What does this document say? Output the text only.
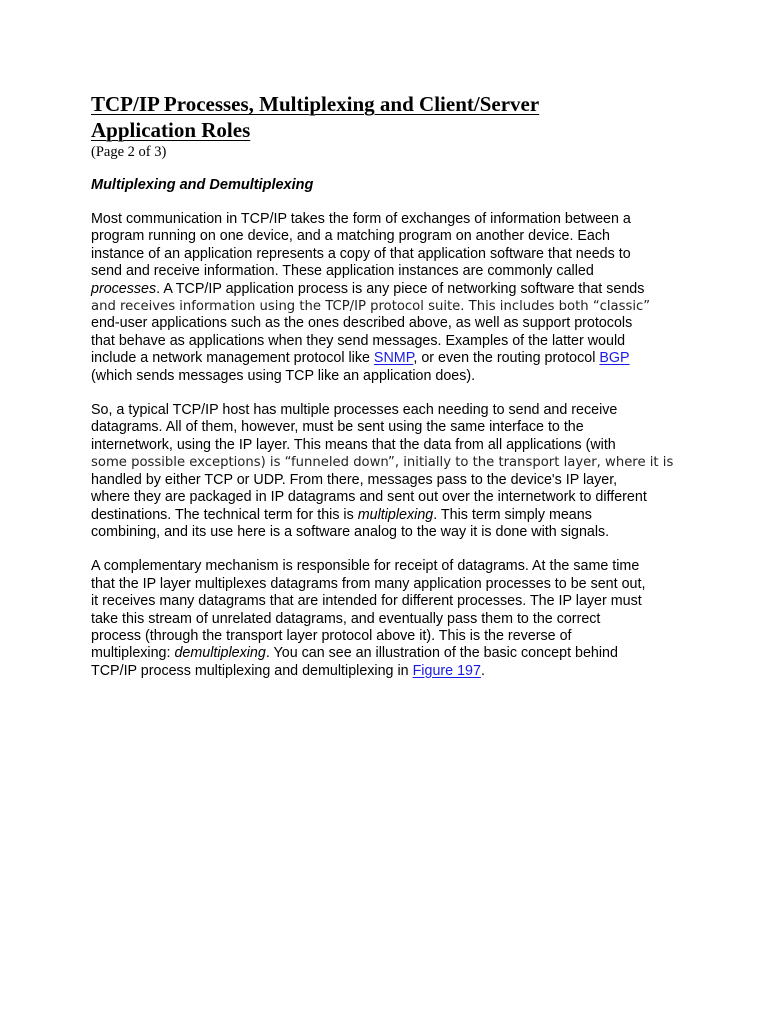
TCP/IP Processes, Multiplexing and Client/Server
Application Roles
(Page 2 of 3)
Multiplexing and Demultiplexing

Most communication in TCP/IP takes the form of exchanges of information between a
program running on one device, and a matching program on another device. Each
instance of an application represents a copy of that application software that needs to
send and receive information. These application instances are commonly called
processes. A TCP/IP application process is any piece of networking software that sends
and receives information using the TCP/IP protocol suite. This includes both “classic”
end-user applications such as the ones described above, as well as support protocols
that behave as applications when they send messages. Examples of the latter would
include a network management protocol like SNMP, or even the routing protocol BGP
(which sends messages using TCP like an application does).

So, a typical TCP/IP host has multiple processes each needing to send and receive
datagrams. All of them, however, must be sent using the same interface to the
internetwork, using the IP layer. This means that the data from all applications (with
some possible exceptions) is “funneled down”, initially to the transport layer, where it is
handled by either TCP or UDP. From there, messages pass to the device's IP layer,
where they are packaged in IP datagrams and sent out over the internetwork to different
destinations. The technical term for this is multiplexing. This term simply means
combining, and its use here is a software analog to the way it is done with signals.

A complementary mechanism is responsible for receipt of datagrams. At the same time
that the IP layer multiplexes datagrams from many application processes to be sent out,
it receives many datagrams that are intended for different processes. The IP layer must
take this stream of unrelated datagrams, and eventually pass them to the correct
process (through the transport layer protocol above it). This is the reverse of
multiplexing: demultiplexing. You can see an illustration of the basic concept behind
TCP/IP process multiplexing and demultiplexing in Figure 197.
